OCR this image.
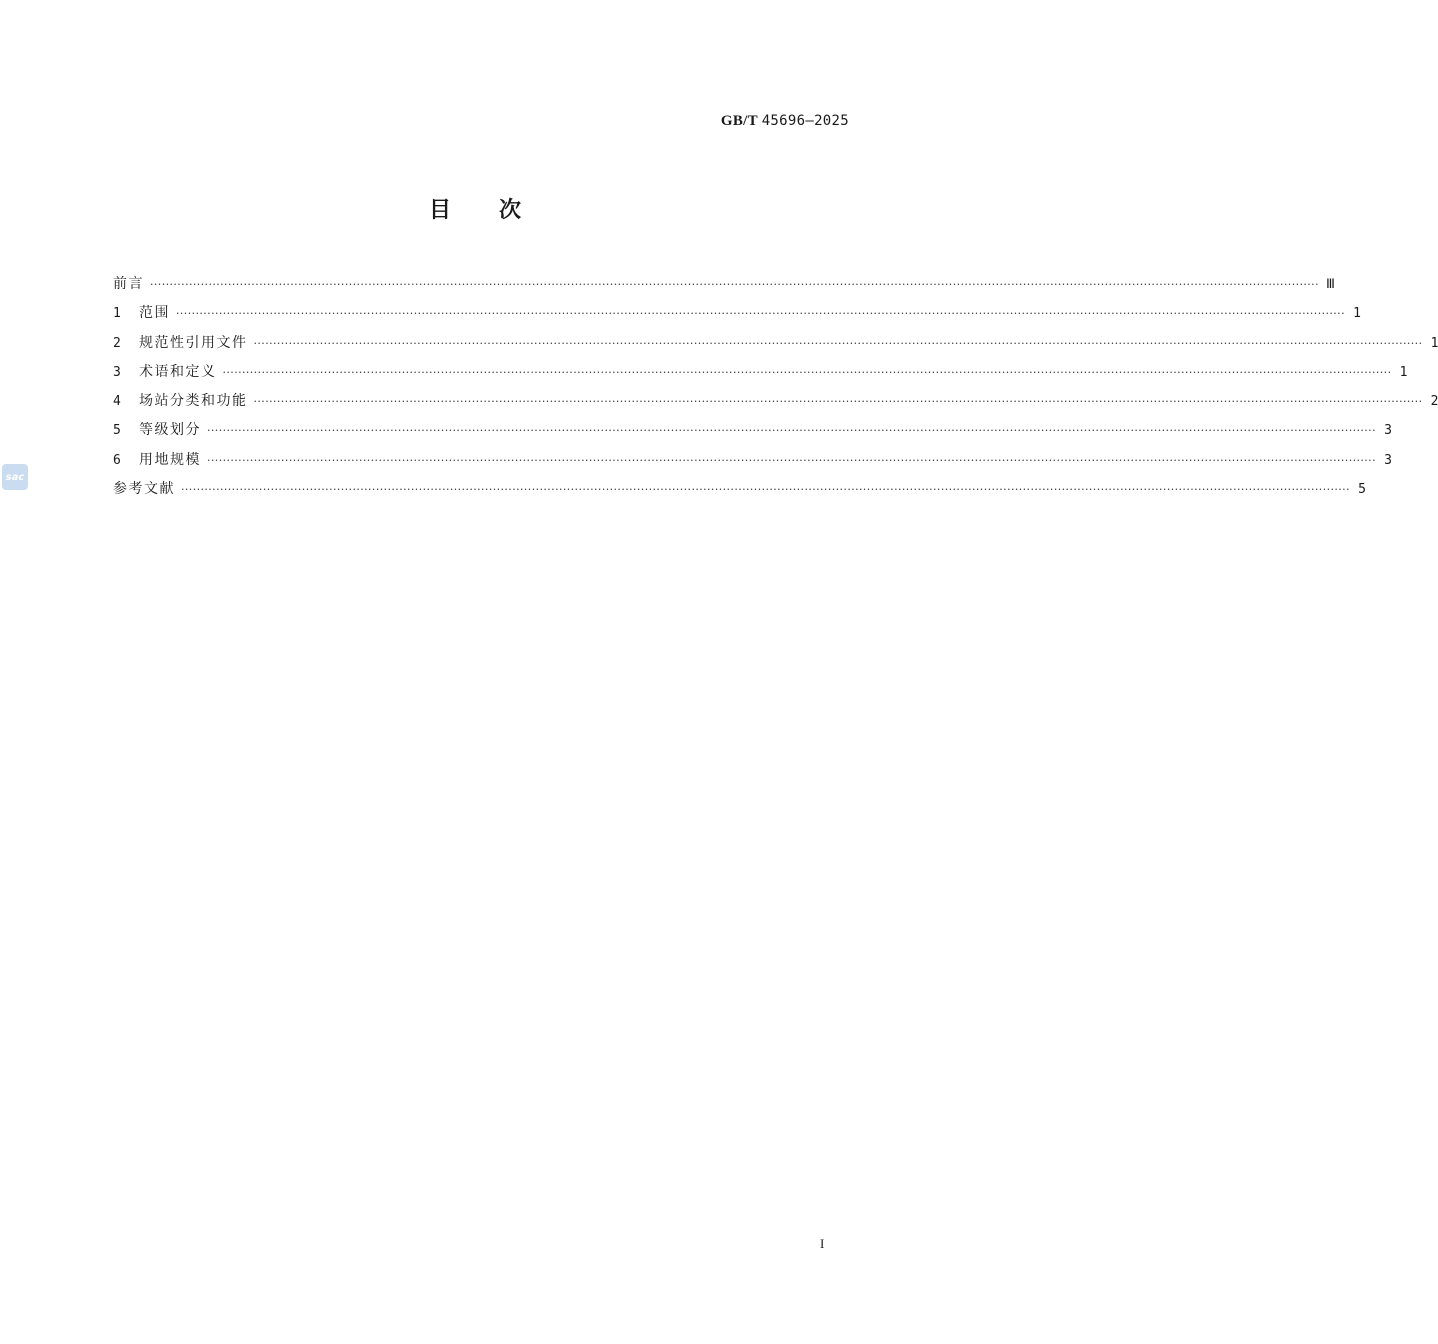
GB/T 45696—2025
目 次
前言 ············································································································································································································································································································ Ⅲ
1	范围 ············································································································································································································································································································ 1
2	规范性引用文件 ············································································································································································································································································································ 1
3	术语和定义 ············································································································································································································································································································ 1
4	场站分类和功能 ············································································································································································································································································································ 2
5	等级划分 ············································································································································································································································································································ 3
6	用地规模 ············································································································································································································································································································ 3
参考文献 ············································································································································································································································································································ 5
sac
I
